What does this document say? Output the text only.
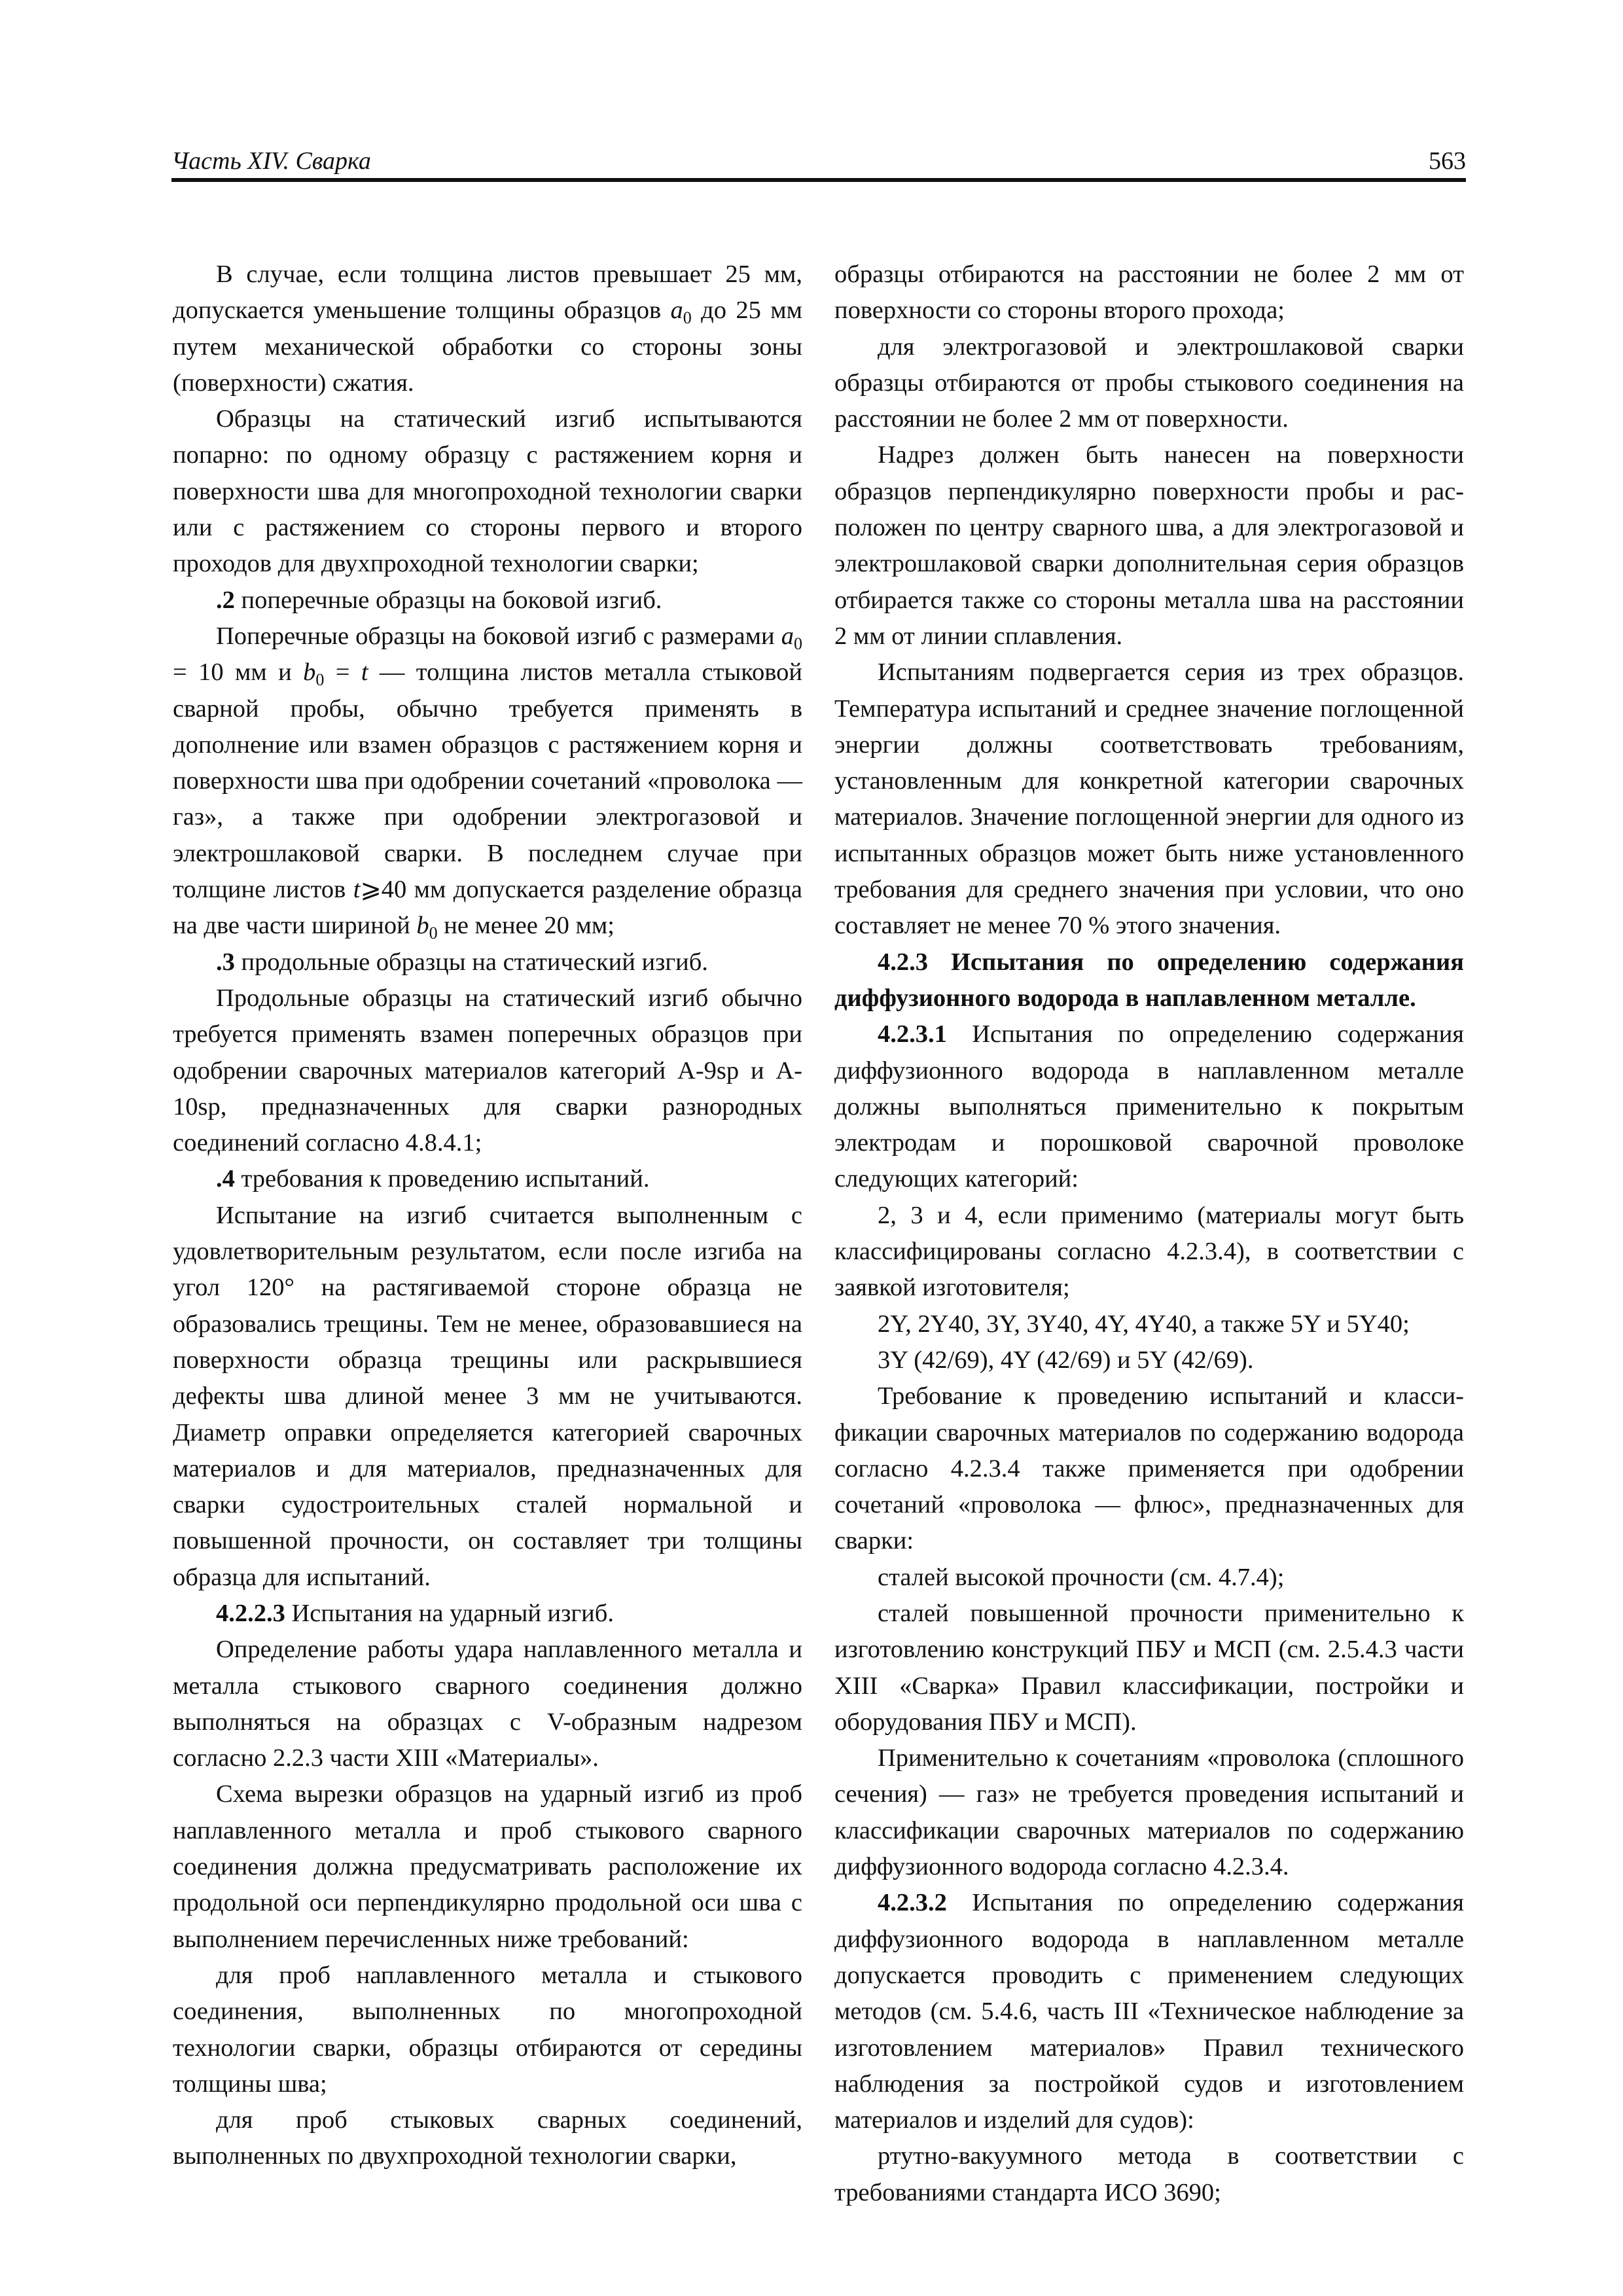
Часть XIV. Сварка	563

В случае, если толщина листов превышает 25 мм, допускается уменьшение толщины образцов $a_0$ до 25 мм путем механической обработки со стороны зоны (поверхности) сжатия.

Образцы на статический изгиб испытываются попарно: по одному образцу с растяжением корня и поверхности шва для многопроходной технологии сварки или с растяжением со стороны первого и второго проходов для двухпроходной технологии сварки;

.2 поперечные образцы на боковой изгиб.

Поперечные образцы на боковой изгиб с размерами $a_0 = 10$ мм и $b_0 = t$ — толщина листов металла стыковой сварной пробы, обычно требуется применять в дополнение или взамен образцов с растяжением корня и поверхности шва при одобрении сочетаний «проволока — газ», а также при одобрении электрогазовой и электрошлаковой сварки. В последнем случае при толщине листов t⩾40 мм допускается разделение образца на две части шириной $b_0$ не менее 20 мм;

.3 продольные образцы на статический изгиб.

Продольные образцы на статический изгиб обычно требуется применять взамен поперечных образцов при одобрении сварочных материалов категорий A-9sp и A-10sp, предназначенных для сварки разнородных соединений согласно 4.8.4.1;

.4 требования к проведению испытаний.

Испытание на изгиб считается выполненным с удовлетворительным результатом, если после изгиба на угол 120° на растягиваемой стороне образца не образовались трещины. Тем не менее, образовавшиеся на поверхности образца трещины или раскрывшиеся дефекты шва длиной менее 3 мм не учитываются. Диаметр оправки определяется категорией сварочных материалов и для материалов, предназначенных для сварки судостроительных сталей нормальной и повышенной прочности, он составляет три толщины образца для испытаний.

4.2.2.3 Испытания на ударный изгиб.

Определение работы удара наплавленного металла и металла стыкового сварного соединения должно выполняться на образцах с V-образным надрезом согласно 2.2.3 части XIII «Материалы».

Схема вырезки образцов на ударный изгиб из проб наплавленного металла и проб стыкового сварного соединения должна предусматривать расположение их продольной оси перпендикулярно продольной оси шва с выполнением перечисленных ниже требований:

для проб наплавленного металла и стыкового соединения, выполненных по многопроходной технологии сварки, образцы отбираются от середины толщины шва;

для проб стыковых сварных соединений, выполненных по двухпроходной технологии сварки,

образцы отбираются на расстоянии не более 2 мм от поверхности со стороны второго прохода;

для электрогазовой и электрошлаковой сварки образцы отбираются от пробы стыкового соединения на расстоянии не более 2 мм от поверхности.

Надрез должен быть нанесен на поверхности образцов перпендикулярно поверхности пробы и расположен по центру сварного шва, а для электрогазовой и электрошлаковой сварки дополнительная серия образцов отбирается также со стороны металла шва на расстоянии 2 мм от линии сплавления.

Испытаниям подвергается серия из трех образцов. Температура испытаний и среднее значение поглощенной энергии должны соответствовать требованиям, установленным для конкретной категории сварочных материалов. Значение поглощенной энергии для одного из испытанных образцов может быть ниже установленного требования для среднего значения при условии, что оно составляет не менее 70 % этого значения.

4.2.3 Испытания по определению содержания диффузионного водорода в наплавленном металле.

4.2.3.1 Испытания по определению содержания диффузионного водорода в наплавленном металле должны выполняться применительно к покрытым электродам и порошковой сварочной проволоке следующих категорий:

2, 3 и 4, если применимо (материалы могут быть классифицированы согласно 4.2.3.4), в соответствии с заявкой изготовителя;

2Y, 2Y40, 3Y, 3Y40, 4Y, 4Y40, а также 5Y и 5Y40;

3Y (42/69), 4Y (42/69) и 5Y (42/69).

Требование к проведению испытаний и классификации сварочных материалов по содержанию водорода согласно 4.2.3.4 также применяется при одобрении сочетаний «проволока — флюс», предназначенных для сварки:

сталей высокой прочности (см. 4.7.4);

сталей повышенной прочности применительно к изготовлению конструкций ПБУ и МСП (см. 2.5.4.3 части XIII «Сварка» Правил классификации, постройки и оборудования ПБУ и МСП).

Применительно к сочетаниям «проволока (сплошного сечения) — газ» не требуется проведения испытаний и классификации сварочных материалов по содержанию диффузионного водорода согласно 4.2.3.4.

4.2.3.2 Испытания по определению содержания диффузионного водорода в наплавленном металле допускается проводить с применением следующих методов (см. 5.4.6, часть III «Техническое наблюдение за изготовлением материалов» Правил технического наблюдения за постройкой судов и изготовлением материалов и изделий для судов):

ртутно-вакуумного метода в соответствии с требованиями стандарта ИСО 3690;
